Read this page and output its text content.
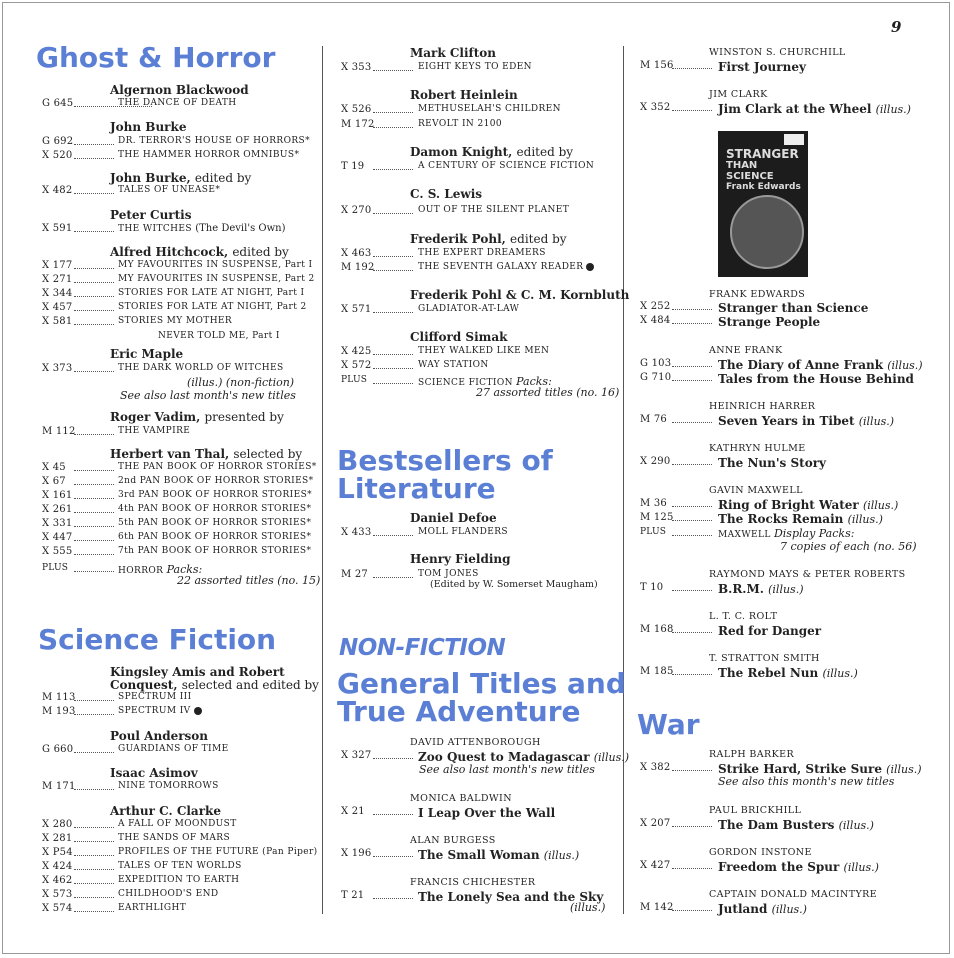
9
Ghost & Horror
Algernon Blackwood
G 645	THE DANCE OF DEATH
John Burke
G 692	DR. TERROR'S HOUSE OF HORRORS*
X 520	THE HAMMER HORROR OMNIBUS*
John Burke, edited by
X 482	TALES OF UNEASE*
Peter Curtis
X 591	THE WITCHES (The Devil's Own)
Alfred Hitchcock, edited by
X 177	MY FAVOURITES IN SUSPENSE, Part I
X 271	MY FAVOURITES IN SUSPENSE, Part 2
X 344	STORIES FOR LATE AT NIGHT, Part I
X 457	STORIES FOR LATE AT NIGHT, Part 2
X 581	STORIES MY MOTHER
NEVER TOLD ME, Part I
Eric Maple
X 373	THE DARK WORLD OF WITCHES
(illus.) (non-fiction)
See also last month's new titles
Roger Vadim, presented by
M 112	THE VAMPIRE
Herbert van Thal, selected by
X 45	THE PAN BOOK OF HORROR STORIES*
X 67	2nd PAN BOOK OF HORROR STORIES*
X 161	3rd PAN BOOK OF HORROR STORIES*
X 261	4th PAN BOOK OF HORROR STORIES*
X 331	5th PAN BOOK OF HORROR STORIES*
X 447	6th PAN BOOK OF HORROR STORIES*
X 555	7th PAN BOOK OF HORROR STORIES*
PLUS	HORROR Packs:
22 assorted titles (no. 15)
Science Fiction
Kingsley Amis and Robert
Conquest, selected and edited by
M 113	SPECTRUM III
M 193	SPECTRUM IV
Poul Anderson
G 660	GUARDIANS OF TIME
Isaac Asimov
M 171	NINE TOMORROWS
Arthur C. Clarke
X 280	A FALL OF MOONDUST
X 281	THE SANDS OF MARS
X P54	PROFILES OF THE FUTURE (Pan Piper)
X 424	TALES OF TEN WORLDS
X 462	EXPEDITION TO EARTH
X 573	CHILDHOOD'S END
X 574	EARTHLIGHT
Mark Clifton
X 353	EIGHT KEYS TO EDEN
Robert Heinlein
X 526	METHUSELAH'S CHILDREN
M 172	REVOLT IN 2100
Damon Knight, edited by
T 19	A CENTURY OF SCIENCE FICTION
C. S. Lewis
X 270	OUT OF THE SILENT PLANET
Frederik Pohl, edited by
X 463	THE EXPERT DREAMERS
M 192	THE SEVENTH GALAXY READER
Frederik Pohl & C. M. Kornbluth
X 571	GLADIATOR-AT-LAW
Clifford Simak
X 425	THEY WALKED LIKE MEN
X 572	WAY STATION
PLUS	SCIENCE FICTION Packs:
27 assorted titles (no. 16)
Bestsellers of
Literature
Daniel Defoe
X 433	MOLL FLANDERS
Henry Fielding
M 27	TOM JONES
(Edited by W. Somerset Maugham)
NON-FICTION
General Titles and
True Adventure
DAVID ATTENBOROUGH
X 327	Zoo Quest to Madagascar (illus.)
See also last month's new titles
MONICA BALDWIN
X 21	I Leap Over the Wall
ALAN BURGESS
X 196	The Small Woman (illus.)
FRANCIS CHICHESTER
T 21	The Lonely Sea and the Sky
(illus.)
WINSTON S. CHURCHILL
M 156	First Journey
JIM CLARK
X 352	Jim Clark at the Wheel (illus.)
STRANGER
THAN SCIENCE
Frank Edwards
FRANK EDWARDS
X 252	Stranger than Science
X 484	Strange People
ANNE FRANK
G 103	The Diary of Anne Frank (illus.)
G 710	Tales from the House Behind
HEINRICH HARRER
M 76	Seven Years in Tibet (illus.)
KATHRYN HULME
X 290	The Nun's Story
GAVIN MAXWELL
M 36	Ring of Bright Water (illus.)
M 125	The Rocks Remain (illus.)
PLUS	MAXWELL Display Packs:
7 copies of each (no. 56)
RAYMOND MAYS & PETER ROBERTS
T 10	B.R.M. (illus.)
L. T. C. ROLT
M 168	Red for Danger
T. STRATTON SMITH
M 185	The Rebel Nun (illus.)
War
RALPH BARKER
X 382	Strike Hard, Strike Sure (illus.)
See also this month's new titles
PAUL BRICKHILL
X 207	The Dam Busters (illus.)
GORDON INSTONE
X 427	Freedom the Spur (illus.)
CAPTAIN DONALD MACINTYRE
M 142	Jutland (illus.)
